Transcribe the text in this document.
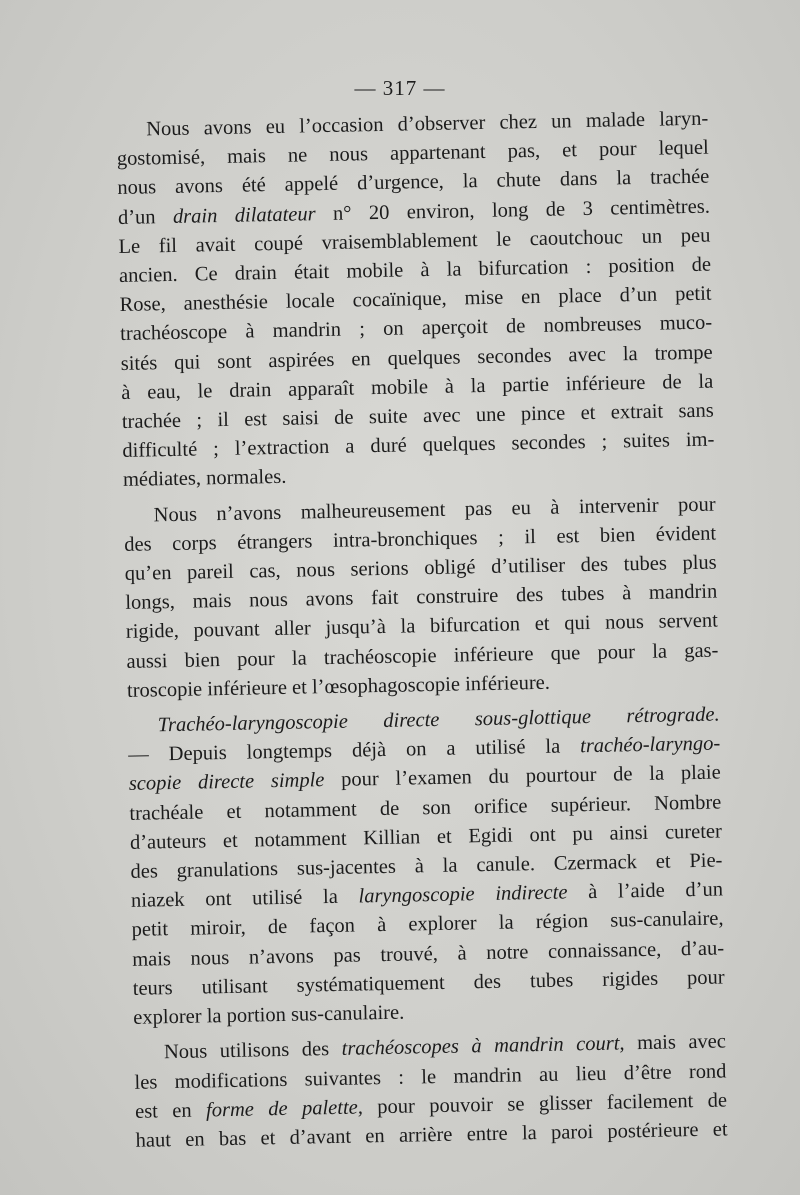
— 317 —
Nous avons eu l’occasion d’observer chez un malade laryn-
gostomisé, mais ne nous appartenant pas, et pour lequel
nous avons été appelé d’urgence, la chute dans la trachée
d’un drain dilatateur n° 20 environ, long de 3 centimètres.
Le fil avait coupé vraisemblablement le caoutchouc un peu
ancien. Ce drain était mobile à la bifurcation : position de
Rose, anesthésie locale cocaïnique, mise en place d’un petit
trachéoscope à mandrin ; on aperçoit de nombreuses muco-
sités qui sont aspirées en quelques secondes avec la trompe
à eau, le drain apparaît mobile à la partie inférieure de la
trachée ; il est saisi de suite avec une pince et extrait sans
difficulté ; l’extraction a duré quelques secondes ; suites im-
médiates, normales.
Nous n’avons malheureusement pas eu à intervenir pour
des corps étrangers intra-bronchiques ; il est bien évident
qu’en pareil cas, nous serions obligé d’utiliser des tubes plus
longs, mais nous avons fait construire des tubes à mandrin
rigide, pouvant aller jusqu’à la bifurcation et qui nous servent
aussi bien pour la trachéoscopie inférieure que pour la gas-
troscopie inférieure et l’œsophagoscopie inférieure.
Trachéo-laryngoscopie directe sous-glottique rétrograde.
— Depuis longtemps déjà on a utilisé la trachéo-laryngo-
scopie directe simple pour l’examen du pourtour de la plaie
trachéale et notamment de son orifice supérieur. Nombre
d’auteurs et notamment Killian et Egidi ont pu ainsi cureter
des granulations sus-jacentes à la canule. Czermack et Pie-
niazek ont utilisé la laryngoscopie indirecte à l’aide d’un
petit miroir, de façon à explorer la région sus-canulaire,
mais nous n’avons pas trouvé, à notre connaissance, d’au-
teurs utilisant systématiquement des tubes rigides pour
explorer la portion sus-canulaire.
Nous utilisons des trachéoscopes à mandrin court, mais avec
les modifications suivantes : le mandrin au lieu d’être rond
est en forme de palette, pour pouvoir se glisser facilement de
haut en bas et d’avant en arrière entre la paroi postérieure et
